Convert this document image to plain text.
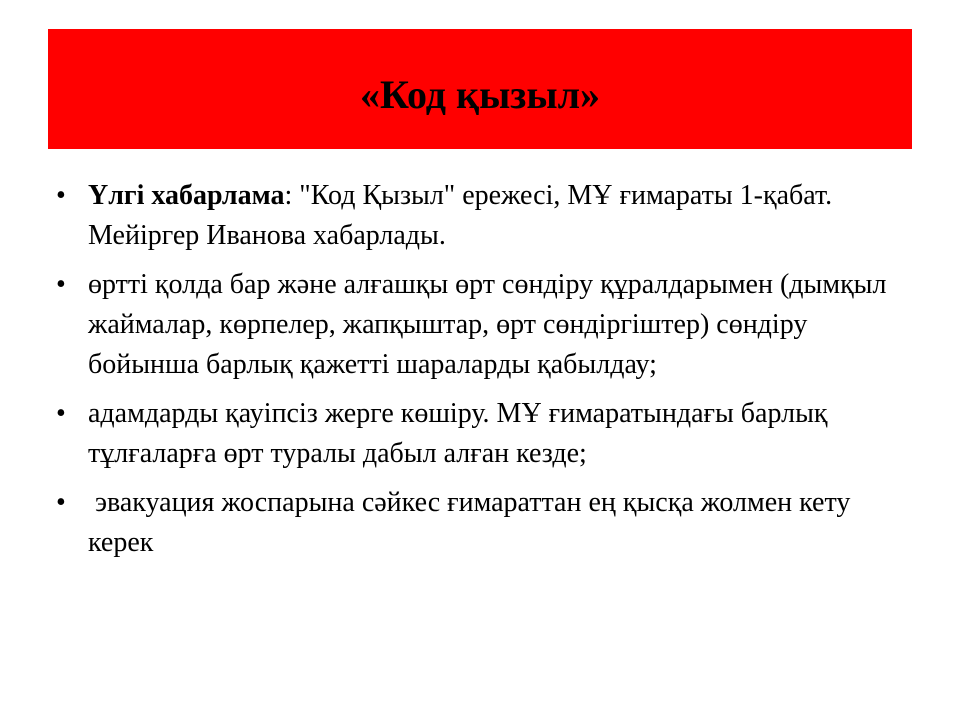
«Код қызыл»
• Үлгі хабарлама: "Код Қызыл" ережесі, МҰ ғимараты 1-қабат. Мейіргер Иванова хабарлады.
• өртті қолда бар және алғашқы өрт сөндіру құралдарымен (дымқыл жаймалар, көрпелер, жапқыштар, өрт сөндіргіштер) сөндіру бойынша барлық қажетті шараларды қабылдау;
• адамдарды қауіпсіз жерге көшіру. МҰ ғимаратындағы барлық тұлғаларға өрт туралы дабыл алған кезде;
• эвакуация жоспарына сәйкес ғимараттан ең қысқа жолмен кету керек
